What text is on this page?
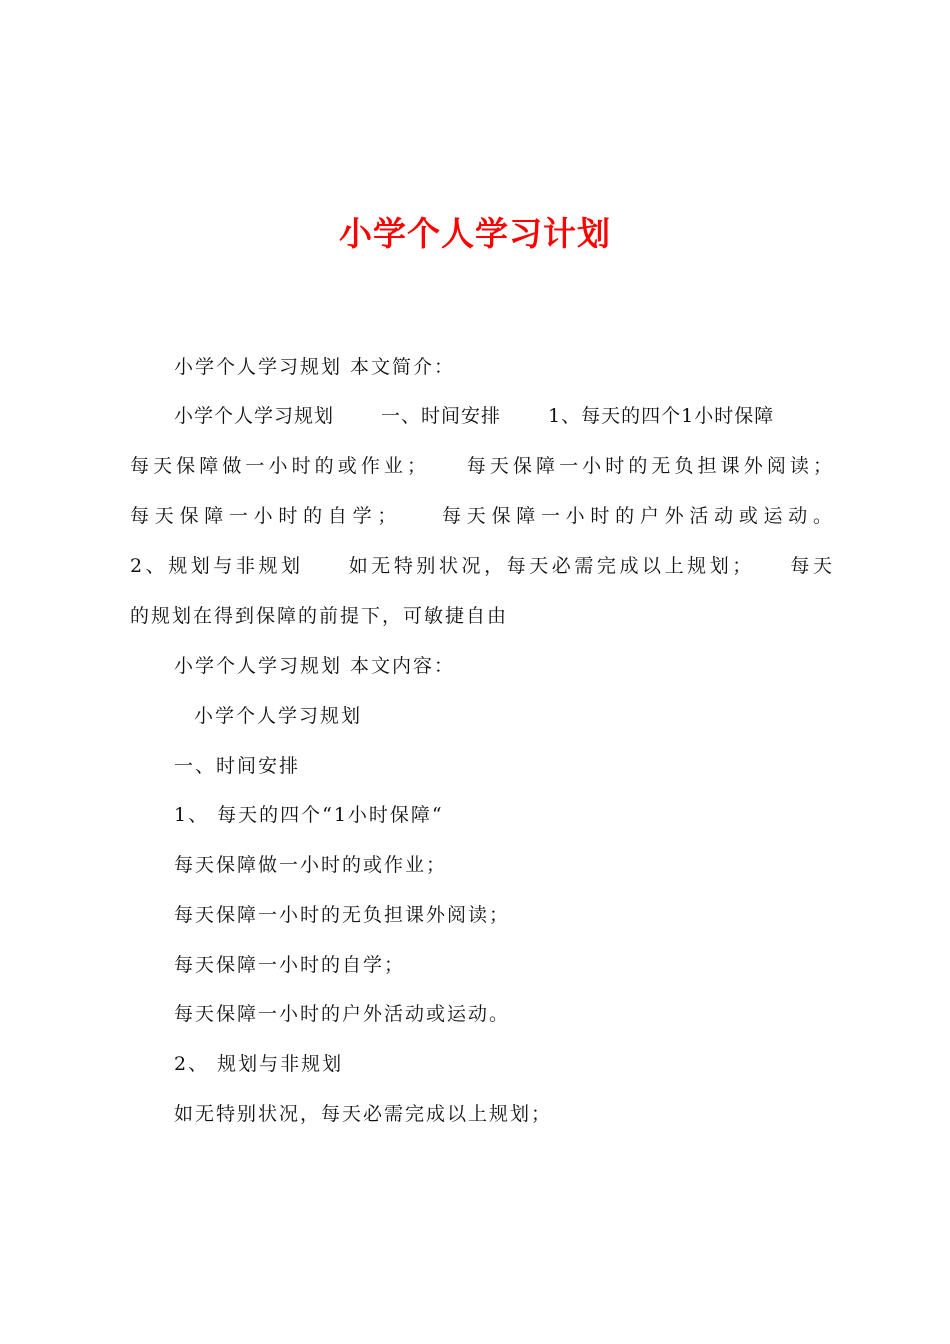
小学个人学习计划

小学个人学习规划 本文简介：

小学个人学习规划　　 一、时间安排　　 1、每天的四个1小时保障
每天保障做一小时的或作业；　　每天保障一小时的无负担课外阅读；
每天保障一小时的自学；　　每天保障一小时的户外活动或运动。
2、规划与非规划　　如无特别状况，每天必需完成以上规划；　　每天
的规划在得到保障的前提下，可敏捷自由

小学个人学习规划 本文内容：

小学个人学习规划

一、时间安排

1、 每天的四个“1小时保障“

每天保障做一小时的或作业；

每天保障一小时的无负担课外阅读；

每天保障一小时的自学；

每天保障一小时的户外活动或运动。

2、 规划与非规划

如无特别状况，每天必需完成以上规划；
